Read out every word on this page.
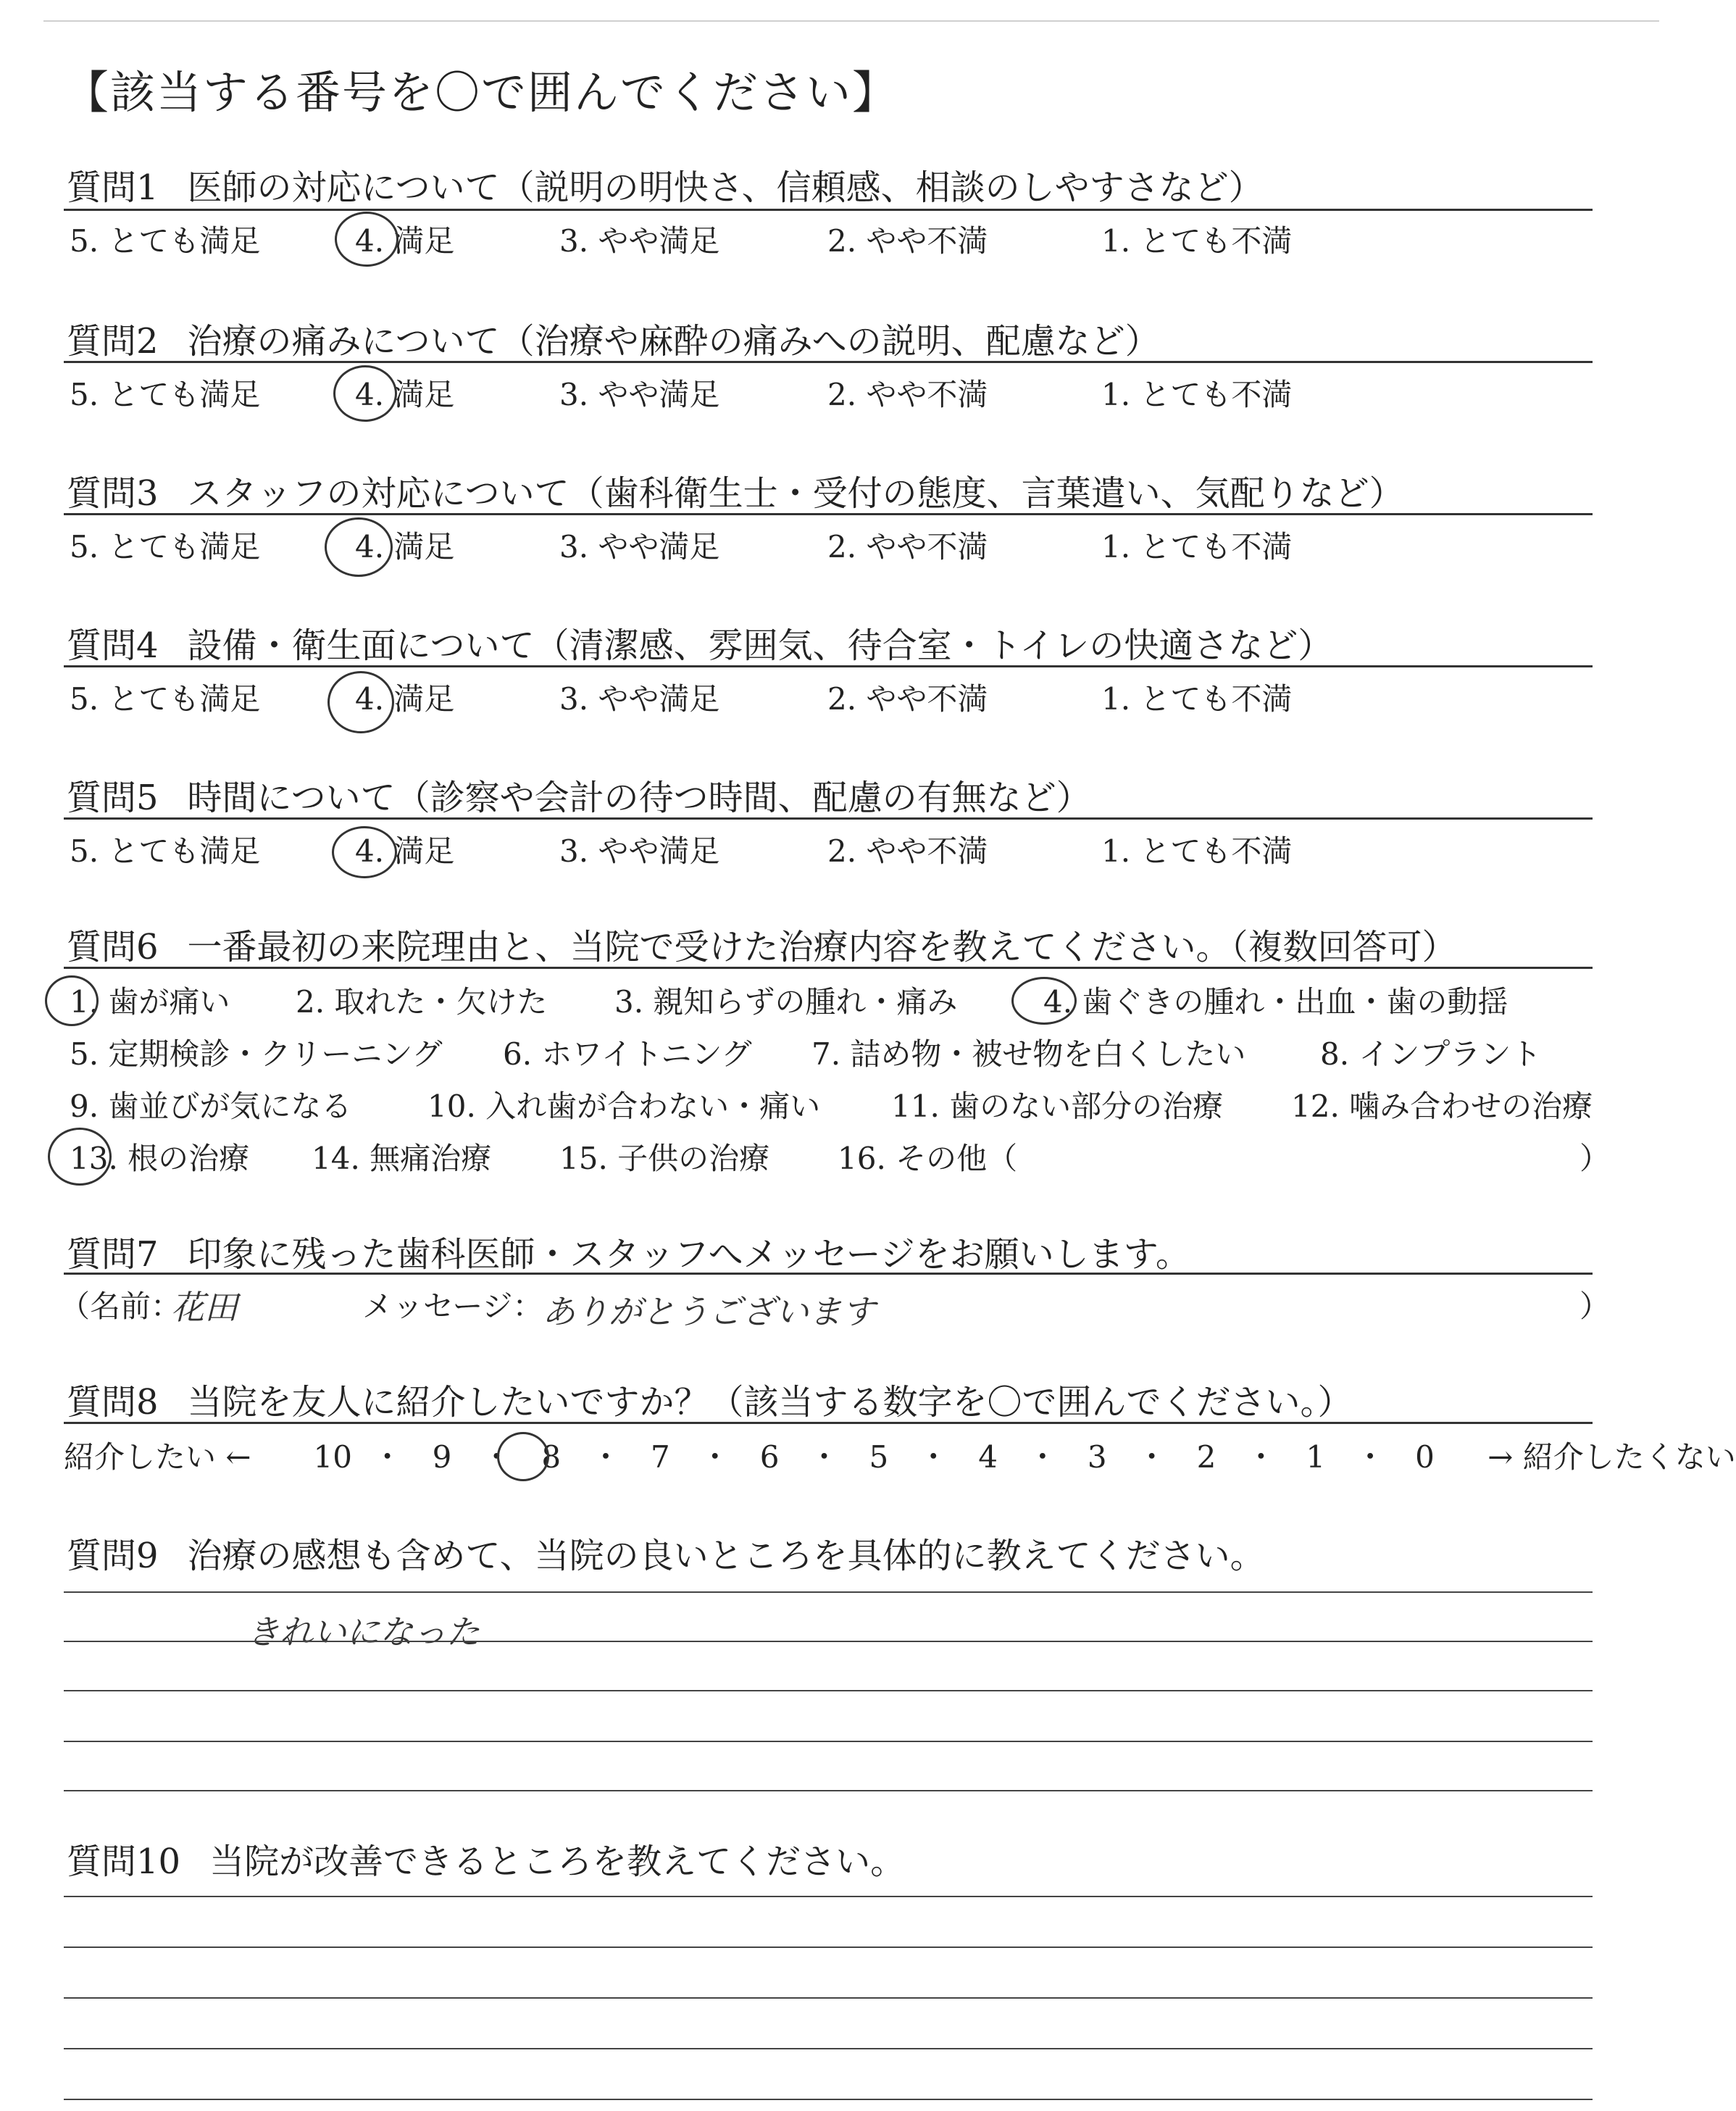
【該当する番号を〇で囲んでください】
質問1 医師の対応について（説明の明快さ、信頼感、相談のしやすさなど）
5. とても満足	4. 満足	3. やや満足	2. やや不満	1. とても不満
質問2 治療の痛みについて（治療や麻酔の痛みへの説明、配慮など）
5. とても満足	4. 満足	3. やや満足	2. やや不満	1. とても不満
質問3 スタッフの対応について（歯科衛生士・受付の態度、言葉遣い、気配りなど）
5. とても満足	4. 満足	3. やや満足	2. やや不満	1. とても不満
質問4 設備・衛生面について（清潔感、雰囲気、待合室・トイレの快適さなど）
5. とても満足	4. 満足	3. やや満足	2. やや不満	1. とても不満
質問5 時間について（診察や会計の待つ時間、配慮の有無など）
5. とても満足	4. 満足	3. やや満足	2. やや不満	1. とても不満
質問6 一番最初の来院理由と、当院で受けた治療内容を教えてください。（複数回答可）
1. 歯が痛い 2. 取れた・欠けた 3. 親知らずの腫れ・痛み	4. 歯ぐきの腫れ・出血・歯の動揺
5. 定期検診・クリーニング 6. ホワイトニング 7. 詰め物・被せ物を白くしたい 8. インプラント
9. 歯並びが気になる 10. 入れ歯が合わない・痛い 11. 歯のない部分の治療 12. 噛み合わせの治療
13. 根の治療 14. 無痛治療 15. 子供の治療 16. その他（	）
質問7 印象に残った歯科医師・スタッフへメッセージをお願いします。
（名前：
花田	メッセージ：
ありがとうございます	）
質問8 当院を友人に紹介したいですか？（該当する数字を〇で囲んでください。）
紹介したい ← 10 ・ 9 ・ 8 ・ 7 ・ 6 ・ 5 ・ 4 ・ 3 ・ 2 ・ 1 ・ 0 → 紹介したくない
質問9 治療の感想も含めて、当院の良いところを具体的に教えてください。
きれいになった
質問10 当院が改善できるところを教えてください。
